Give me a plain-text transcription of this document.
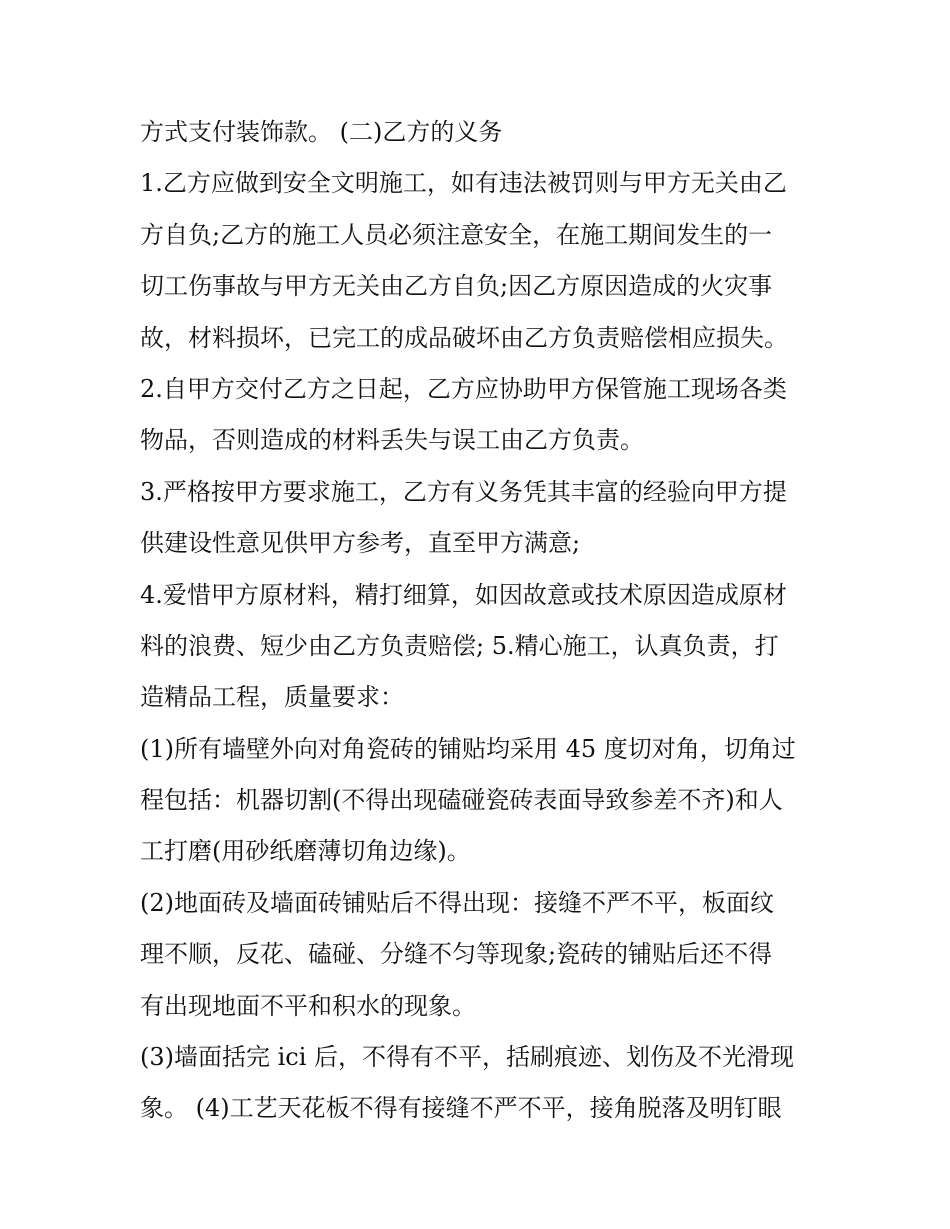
方式支付装饰款。 (二)乙方的义务
1.乙方应做到安全文明施工，如有违法被罚则与甲方无关由乙
方自负;乙方的施工人员必须注意安全，在施工期间发生的一
切工伤事故与甲方无关由乙方自负;因乙方原因造成的火灾事
故，材料损坏，已完工的成品破坏由乙方负责赔偿相应损失。
2.自甲方交付乙方之日起，乙方应协助甲方保管施工现场各类
物品，否则造成的材料丢失与误工由乙方负责。
3.严格按甲方要求施工，乙方有义务凭其丰富的经验向甲方提
供建设性意见供甲方参考，直至甲方满意;
4.爱惜甲方原材料，精打细算，如因故意或技术原因造成原材
料的浪费、短少由乙方负责赔偿; 5.精心施工，认真负责，打
造精品工程，质量要求：
(1)所有墙壁外向对角瓷砖的铺贴均采用 45 度切对角，切角过
程包括：机器切割(不得出现磕碰瓷砖表面导致参差不齐)和人
工打磨(用砂纸磨薄切角边缘)。
(2)地面砖及墙面砖铺贴后不得出现：接缝不严不平，板面纹
理不顺，反花、磕碰、分缝不匀等现象;瓷砖的铺贴后还不得
有出现地面不平和积水的现象。
(3)墙面括完 ici 后，不得有不平，括刷痕迹、划伤及不光滑现
象。 (4)工艺天花板不得有接缝不严不平，接角脱落及明钉眼
